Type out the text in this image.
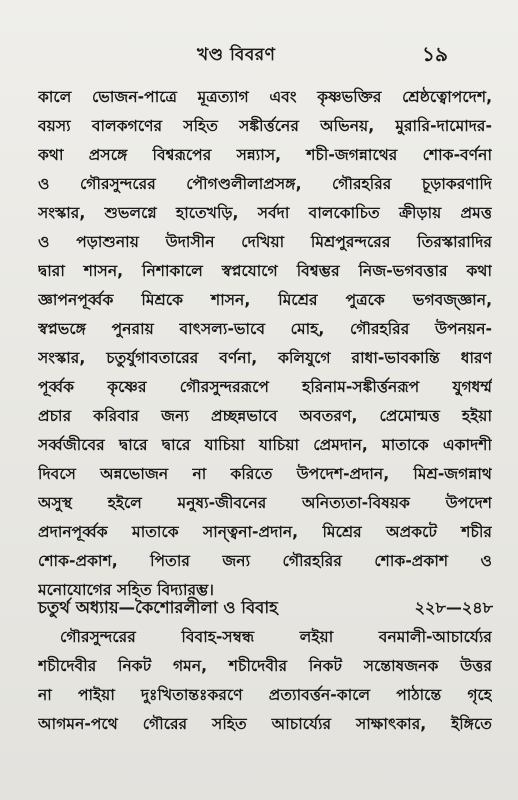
খণ্ড বিবরণ	১৯
কালে ভোজন-পাত্রে মূত্রত্যাগ এবং কৃষ্ণভক্তির শ্রেষ্ঠত্বোপদেশ,
বয়স্য বালকগণের সহিত সঙ্কীর্ত্তনের অভিনয়, মুরারি-দামোদর-
কথা প্রসঙ্গে বিশ্বরূপের সন্ন্যাস, শচী-জগন্নাথের শোক-বর্ণনা
ও গৌরসুন্দরের পৌগণ্ডলীলাপ্রসঙ্গ, গৌরহরির চূড়াকরণাদি
সংস্কার, শুভলগ্নে হাতেখড়ি, সর্বদা বালকোচিত ক্রীড়ায় প্রমত্ত
ও পড়াশুনায় উদাসীন দেখিয়া মিশ্রপুরন্দরের তিরস্কারাদির
দ্বারা শাসন, নিশাকালে স্বপ্নযোগে বিশ্বম্ভর নিজ-ভগবত্তার কথা
জ্ঞাপনপূর্ব্বক মিশ্রকে শাসন, মিশ্রের পুত্রকে ভগবজ্জ্ঞান,
স্বপ্নভঙ্গে পুনরায় বাৎসল্য-ভাবে মোহ, গৌরহরির উপনয়ন-
সংস্কার, চতুর্যুগাবতারের বর্ণনা, কলিযুগে রাধা-ভাবকান্তি ধারণ
পূর্ব্বক কৃষ্ণের গৌরসুন্দররূপে হরিনাম-সঙ্কীর্ত্তনরূপ যুগধর্ম্ম
প্রচার করিবার জন্য প্রচ্ছন্নভাবে অবতরণ, প্রেমোন্মত্ত হইয়া
সর্ব্বজীবের দ্বারে দ্বারে যাচিয়া যাচিয়া প্রেমদান, মাতাকে একাদশী
দিবসে অন্নভোজন না করিতে উপদেশ-প্রদান, মিশ্র-জগন্নাথ
অসুস্থ হইলে মনুষ্য-জীবনের অনিত্যতা-বিষয়ক উপদেশ
প্রদানপূর্ব্বক মাতাকে সান্ত্বনা-প্রদান, মিশ্রের অপ্রকটে শচীর
শোক-প্রকাশ, পিতার জন্য গৌরহরির শোক-প্রকাশ ও
মনোযোগের সহিত বিদ্যারম্ভ।
চতুর্থ অধ্যায়—কৈশোরলীলা ও বিবাহ	২২৮—২৪৮
গৌরসুন্দরের বিবাহ-সম্বন্ধ লইয়া বনমালী-আচার্য্যের
শচীদেবীর নিকট গমন, শচীদেবীর নিকট সন্তোষজনক উত্তর
না পাইয়া দুঃখিতান্তঃকরণে প্রত্যাবর্ত্তন-কালে পাঠান্তে গৃহে
আগমন-পথে গৌরের সহিত আচার্য্যের সাক্ষাৎকার, ইঙ্গিতে
